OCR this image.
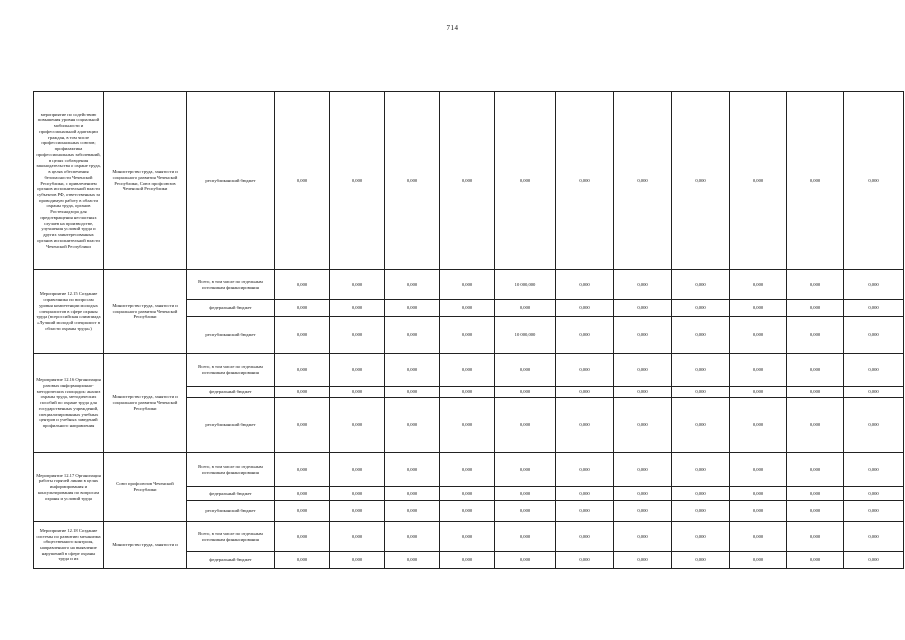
714
мероприятие по содействию повышения уровня социальной мобильности и профессиональной адаптации граждан, в том числе профессиональных союзов; профилактика профессиональных заболеваний, в целях соблюдения законодательства о охране труда, в целях обеспечения безопасности Чеченской Республики, с привлечением органов исполнительной власти субъектов РФ, ответственных за проводимую работу в области охраны труда, органов Ростехнадзора для предотвращения несчастных случаев на производстве, улучшения условий труда и других заинтересованных органов исполнительной власти Чеченской Республики	Министерство труда, занятости и социального развития Чеченской Республики, Союз профсоюзов Чеченской Республики	республиканский бюджет	0,000	0,000	0,000	0,000	0,000	0,000	0,000	0,000	0,000	0,000	0,000
Мероприятие 12.15 Создание справочника по вопросам уровня компетенции молодых специалистов в сфере охраны труда (всероссийская олимпиада «Лучший молодой специалист в области охраны труда»)	Министерство труда, занятости и социального развития Чеченской Республики	Всего, в том числе по отдельным источникам финансирования	0,000	0,000	0,000	0,000	10 000,000	0,000	0,000	0,000	0,000	0,000	0,000
		федеральный бюджет	0,000	0,000	0,000	0,000	0,000	0,000	0,000	0,000	0,000	0,000	0,000
		республиканский бюджет	0,000	0,000	0,000	0,000	10 000,000	0,000	0,000	0,000	0,000	0,000	0,000
Мероприятие 12.16 Организация разовых информационно-методических площадок: анализ охраны труда, методических пособий по охране труда для государственных учреждений, специализированных учебных центров и учебных заведений профильного направления	Министерство труда, занятости и социального развития Чеченской Республики	Всего, в том числе по отдельным источникам финансирования	0,000	0,000	0,000	0,000	0,000	0,000	0,000	0,000	0,000	0,000	0,000
		федеральный бюджет	0,000	0,000	0,000	0,000	0,000	0,000	0,000	0,000	0,000	0,000	0,000
		республиканский бюджет	0,000	0,000	0,000	0,000	0,000	0,000	0,000	0,000	0,000	0,000	0,000
Мероприятие 12.17 Организация работы горячей линии в целях информирования и консультирования по вопросам охраны и условий труда	Союз профсоюзов Чеченской Республики	Всего, в том числе по отдельным источникам финансирования	0,000	0,000	0,000	0,000	0,000	0,000	0,000	0,000	0,000	0,000	0,000
		федеральный бюджет	0,000	0,000	0,000	0,000	0,000	0,000	0,000	0,000	0,000	0,000	0,000
		республиканский бюджет	0,000	0,000	0,000	0,000	0,000	0,000	0,000	0,000	0,000	0,000	0,000
Мероприятие 12.18 Создание системы по развитию механизма общественного контроля, направленного на выявление нарушений в сфере охраны труда и их	Министерство труда, занятости и	Всего, в том числе по отдельным источникам финансирования	0,000	0,000	0,000	0,000	0,000	0,000	0,000	0,000	0,000	0,000	0,000
		федеральный бюджет	0,000	0,000	0,000	0,000	0,000	0,000	0,000	0,000	0,000	0,000	0,000
